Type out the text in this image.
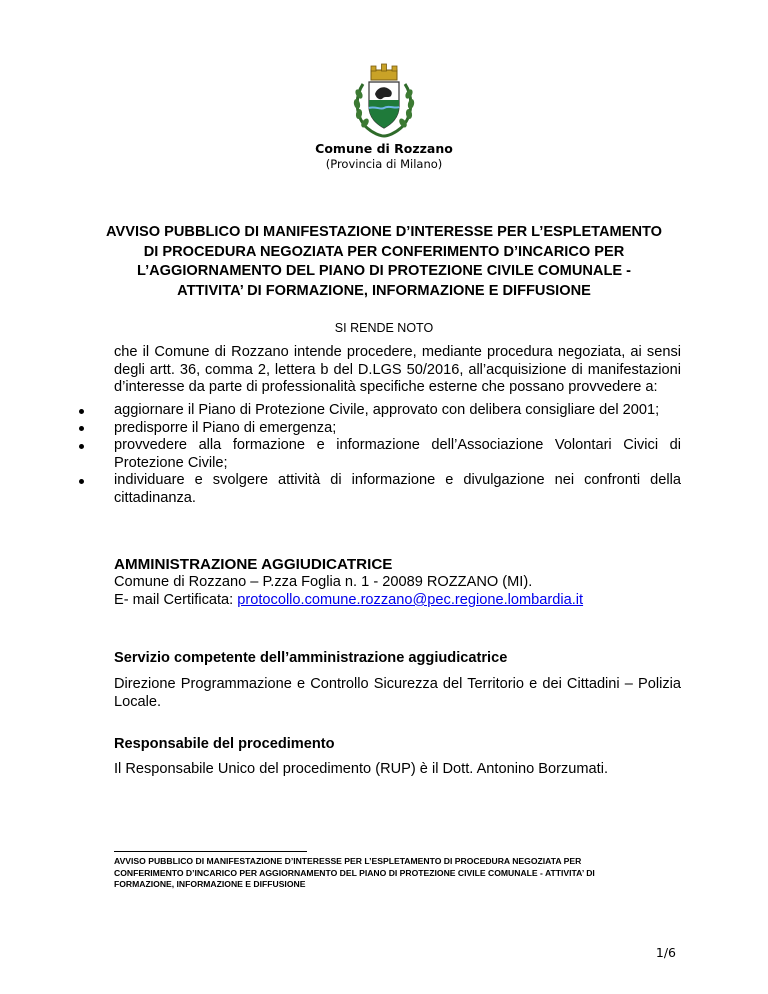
Comune di Rozzano
(Provincia di Milano)
AVVISO PUBBLICO DI MANIFESTAZIONE D’INTERESSE PER L’ESPLETAMENTO
DI PROCEDURA NEGOZIATA PER CONFERIMENTO D’INCARICO PER
L’AGGIORNAMENTO DEL PIANO DI PROTEZIONE CIVILE COMUNALE -
ATTIVITA’ DI FORMAZIONE, INFORMAZIONE E DIFFUSIONE
SI RENDE NOTO

che il Comune di Rozzano intende procedere, mediante procedura negoziata, ai sensi degli artt. 36, comma 2, lettera b del D.LGS 50/2016, all’acquisizione di manifestazioni d’interesse da parte di professionalità specifiche esterne che possano provvedere a:

aggiornare il Piano di Protezione Civile, approvato con delibera consigliare del 2001;
predisporre il Piano di emergenza;
provvedere alla formazione e informazione dell’Associazione Volontari Civici di Protezione Civile;
individuare e svolgere attività di informazione e divulgazione nei confronti della cittadinanza.
AMMINISTRAZIONE AGGIUDICATRICE

Comune di Rozzano – P.zza Foglia n. 1 - 20089 ROZZANO (MI).

E- mail Certificata: protocollo.comune.rozzano@pec.regione.lombardia.it

Servizio competente dell’amministrazione aggiudicatrice

Direzione Programmazione e Controllo Sicurezza del Territorio e dei Cittadini – Polizia Locale.

Responsabile del procedimento

Il Responsabile Unico del procedimento (RUP) è il Dott. Antonino Borzumati.

AVVISO PUBBLICO DI MANIFESTAZIONE D’INTERESSE PER L’ESPLETAMENTO DI PROCEDURA NEGOZIATA PER
CONFERIMENTO D’INCARICO PER AGGIORNAMENTO DEL PIANO DI PROTEZIONE CIVILE COMUNALE - ATTIVITA’ DI
FORMAZIONE, INFORMAZIONE E DIFFUSIONE

1/6
